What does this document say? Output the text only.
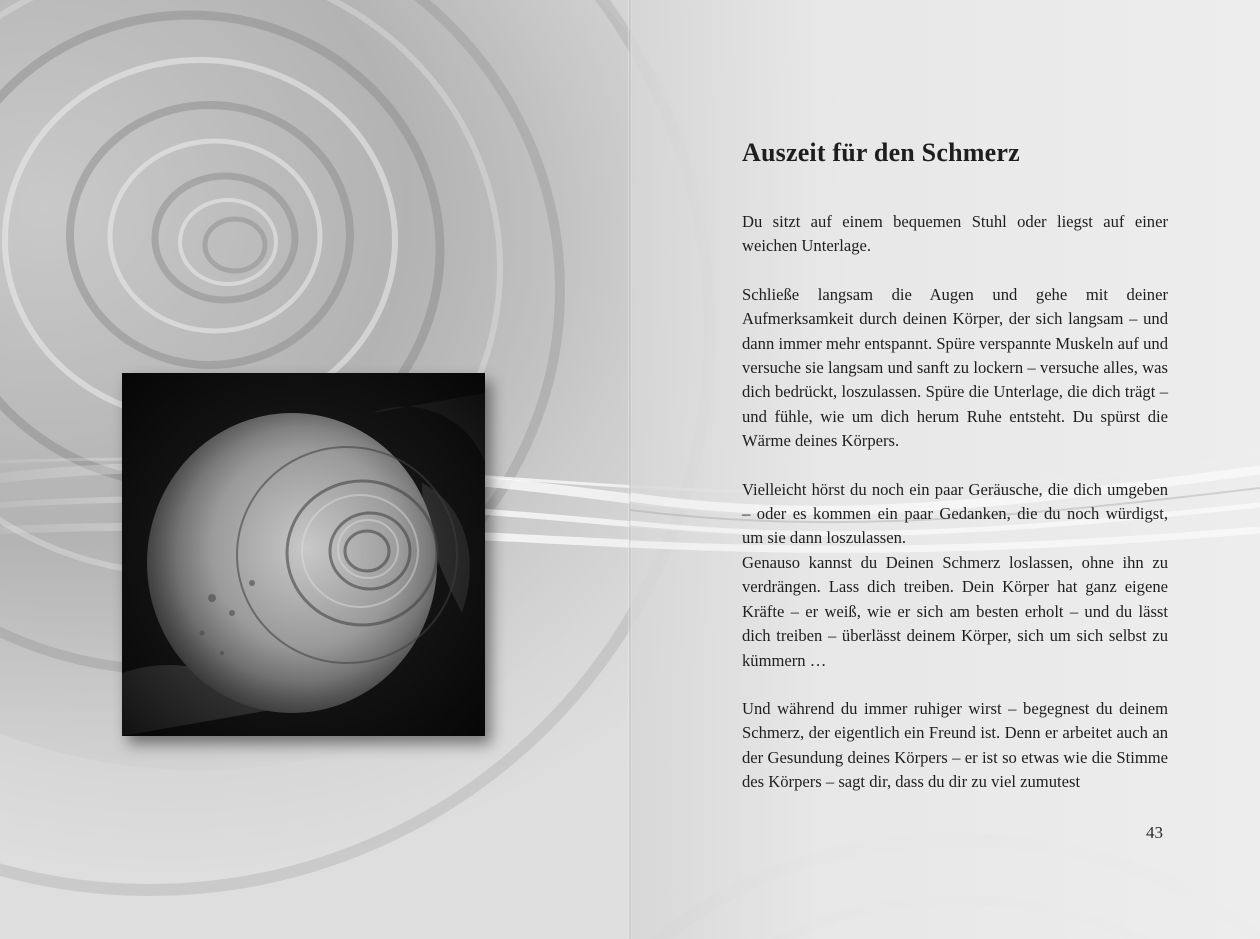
Auszeit für den Schmerz

Du sitzt auf einem bequemen Stuhl oder liegst auf einer weichen Unterlage.

Schließe langsam die Augen und gehe mit deiner Aufmerksamkeit durch deinen Körper, der sich langsam – und dann immer mehr entspannt. Spüre verspannte Muskeln auf und versuche sie langsam und sanft zu lockern – versuche alles, was dich bedrückt, loszulassen. Spüre die Unterlage, die dich trägt – und fühle, wie um dich herum Ruhe entsteht. Du spürst die Wärme deines Körpers.

Vielleicht hörst du noch ein paar Geräusche, die dich umgeben – oder es kommen ein paar Gedanken, die du noch würdigst, um sie dann loszulassen.

Genauso kannst du Deinen Schmerz loslassen, ohne ihn zu verdrängen. Lass dich treiben. Dein Körper hat ganz eigene Kräfte – er weiß, wie er sich am besten erholt – und du lässt dich treiben – überlässt deinem Körper, sich um sich selbst zu kümmern …

Und während du immer ruhiger wirst – begegnest du deinem Schmerz, der eigentlich ein Freund ist. Denn er arbeitet auch an der Gesundung deines Körpers – er ist so etwas wie die Stimme des Körpers – sagt dir, dass du dir zu viel zumutest

43
